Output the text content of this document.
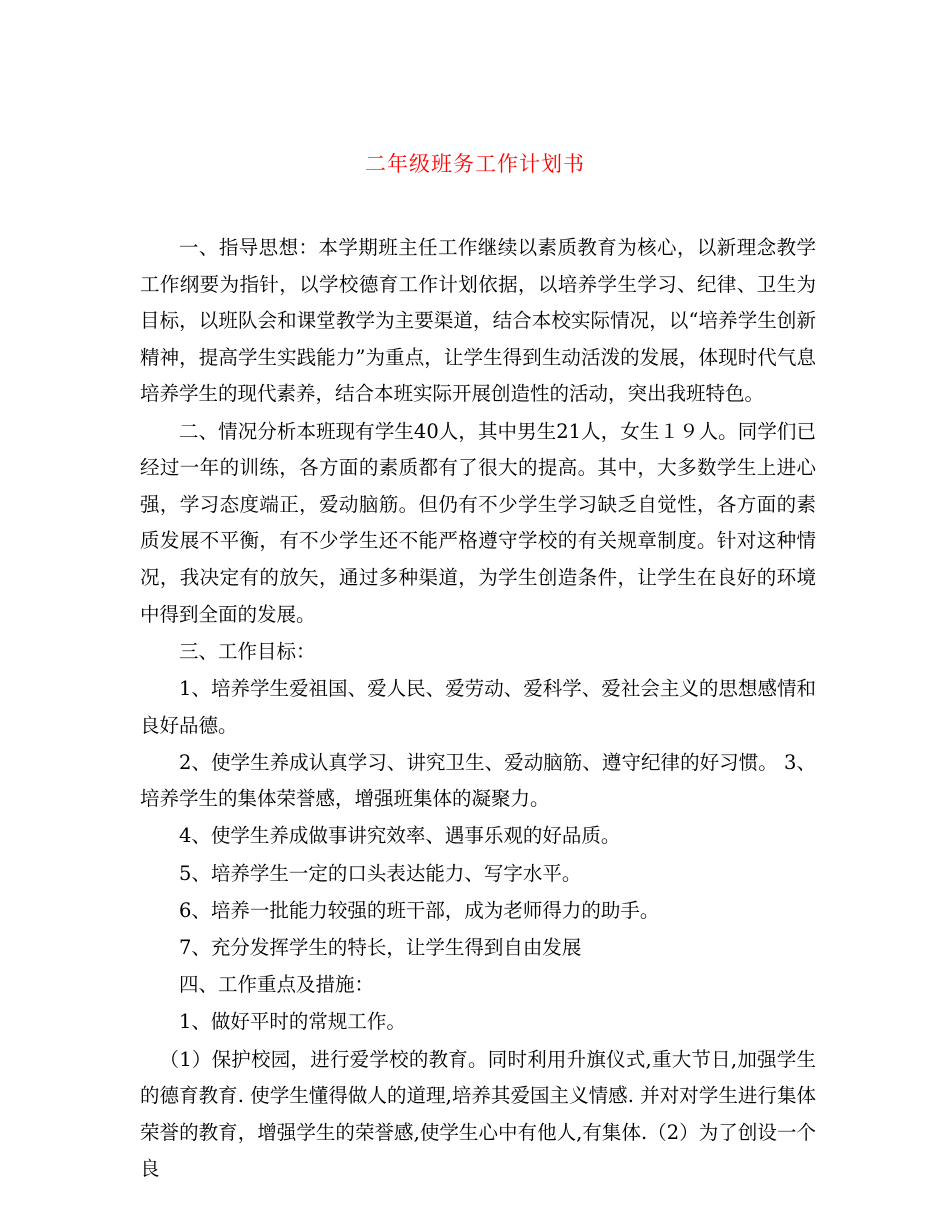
二年级班务工作计划书

一、指导思想：本学期班主任工作继续以素质教育为核心，以新理念教学工作纲要为指针，以学校德育工作计划依据，以培养学生学习、纪律、卫生为目标，以班队会和课堂教学为主要渠道，结合本校实际情况，以“培养学生创新精神，提高学生实践能力”为重点，让学生得到生动活泼的发展，体现时代气息培养学生的现代素养，结合本班实际开展创造性的活动，突出我班特色。

二、情况分析本班现有学生40人，其中男生21人，女生１９人。同学们已经过一年的训练，各方面的素质都有了很大的提高。其中，大多数学生上进心强，学习态度端正，爱动脑筋。但仍有不少学生学习缺乏自觉性，各方面的素质发展不平衡，有不少学生还不能严格遵守学校的有关规章制度。针对这种情况，我决定有的放矢，通过多种渠道，为学生创造条件，让学生在良好的环境中得到全面的发展。

三、工作目标：

1、培养学生爱祖国、爱人民、爱劳动、爱科学、爱社会主义的思想感情和良好品德。

2、使学生养成认真学习、讲究卫生、爱动脑筋、遵守纪律的好习惯。 3、培养学生的集体荣誉感，增强班集体的凝聚力。

4、使学生养成做事讲究效率、遇事乐观的好品质。

5、培养学生一定的口头表达能力、写字水平。

6、培养一批能力较强的班干部，成为老师得力的助手。

7、充分发挥学生的特长，让学生得到自由发展

四、工作重点及措施：

1、做好平时的常规工作。

（1）保护校园，进行爱学校的教育。同时利用升旗仪式,重大节日,加强学生的德育教育. 使学生懂得做人的道理,培养其爱国主义情感. 并对对学生进行集体荣誉的教育，增强学生的荣誉感,使学生心中有他人,有集体.（2）为了创设一个良
